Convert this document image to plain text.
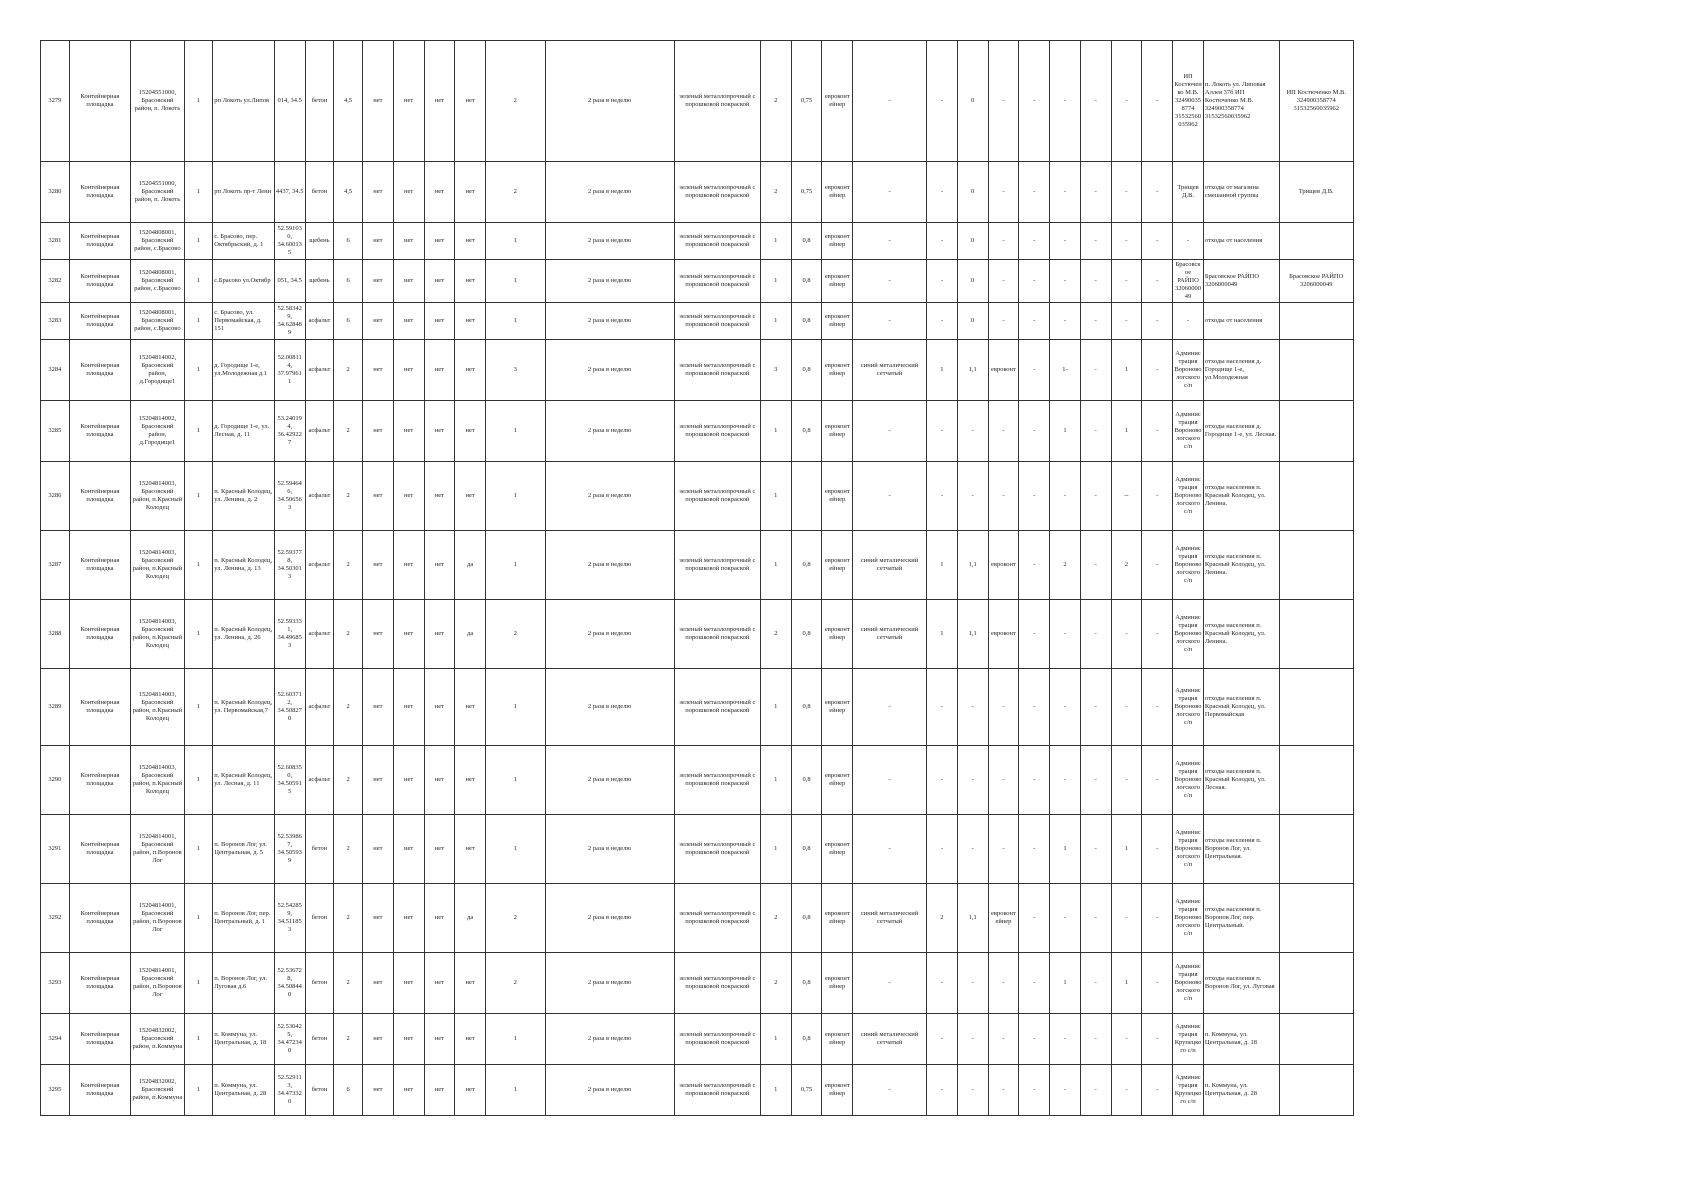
3279	Контейнерная площадка	15204551000, Брасовский район, п. Локоть	1	рп Локоть ул.Липов	014, 34.5	бетон	4,5	нет	нет	нет	нет	2	2 раза в неделю	зеленый металлопрочный с порошковой покраской	2	0,75	евроконт ейнер	-	-	0	-	-	-	-	-	-	ИП Костюченко М.В. 324900358774 31532560035962	п. Локоть ул. Липовая Аллея 37б ИП Костюченко М.В. 324900358774 31532560035962	ИП Костюченко М.В. 324900358774 31532560035962
3280	Контейнерная площадка	15204551000, Брасовский район, п. Локоть	1	рп Локоть пр-т Лени	4437, 34.5	бетон	4,5	нет	нет	нет	нет	2	2 раза в неделю	зеленый металлопрочный с порошковой покраской	2	0,75	евроконт ейнер	-	-	0	-	-	-	-	-	-	Трищев Д.В.	отходы от магазина смешанной группы	Трищев Д.В.
3281	Контейнерная площадка	15204808001, Брасовский район, с.Брасово	1	с. Брасово, пер. Октябрьский, д. 1	52.59103 0, 34.60013 5	щебень	6	нет	нет	нет	нет	1	2 раза в неделю	зеленый металлопрочный с порошковой покраской	1	0,8	евроконт ейнер	-	-	0	-	-	-	-	-	-	-	отходы от населения	
3282	Контейнерная площадка	15204808001, Брасовский район, с.Брасово	1	с.Брасово ул.Октябр	051, 34.5	щебень	6	нет	нет	нет	нет	1	2 раза в неделю	зеленый металлопрочный с порошковой покраской	1	0,8	евроконт ейнер	-	-	0	-	-	-	-	-	-	Брасовское РАЙПО 3206000049	Брасовское РАЙПО 3206000049	Брасовское РАЙПО 3206000049
3283	Контейнерная площадка	15204808001, Брасовский район, с.Брасово	1	с. Брасово, ул. Первомайская, д. 151	52.58342 9, 34.62848 9	асфальт	6	нет	нет	нет	нет	1	2 раза в неделю	зеленый металлопрочный с порошковой покраской	1	0,8	евроконт ейнер	-	-	0	-	-	-	-	-	-	-	отходы от населения	
3284	Контейнерная площадка	15204814002, Брасовский район, д.Городище1	1	д. Городище 1-е, ул.Молодежная д.1	52.00811 4, 37.97961 1	асфальт	2	нет	нет	нет	нет	3	2 раза в неделю	зеленый металлопрочный с порошковой покраской	3	0,8	евроконт ейнер	синий металический сетчатый	1	1,1	евроконт	-	1-	-	1	-	Администрация Вороновологского с/п	отходы населения д. Городище 1-е, ул.Молодежная	
3285	Контейнерная площадка	15204814002, Брасовский район, д.Городище1	1	д. Городище 1-е, ул. Лесная, д. 11	53.24019 4, 36.42922 7	асфальт	2	нет	нет	нет	нет	1	2 раза в неделю	зеленый металлопрочный с порошковой покраской	1	0,8	евроконт ейнер	-	-	-	-	-	1	-	1	-	Администрация Вороновологского с/п	отходы населения д. Городище 1-е, ул. Лесная.	
3286	Контейнерная площадка	15204814003, Брасовский район, п.Красный Колодец	1	п. Красный Колодец, ул. Ленина, д. 2	52.59464 6, 34.50656 3	асфальт	2	нет	нет	нет	нет	1	2 раза в неделю	зеленый металлопрочный с порошковой покраской	1		евроконт ейнер	-	-	-	-	-	-	-	--	-	Администрация Вороновологского с/п	отходы населения п. Красный Колодец, ул. Ленина.	
3287	Контейнерная площадка	15204814003, Брасовский район, п.Красный Колодец	1	п. Красный Колодец, ул. Ленина, д. 13	52.59377 8, 34.50301 3	асфальт	2	нет	нет	нет	да	1	2 раза в неделю	зеленый металлопрочный с порошковой покраской	1	0,8	евроконт ейнер	синий металический сетчатый	1	1,1	евроконт	-	2	-	2	-	Администрация Вороновологского с/п	отходы населения п. Красный Колодец, ул. Ленина.	
3288	Контейнерная площадка	15204814003, Брасовский район, п.Красный Колодец	1	п. Красный Колодец, ул. Ленина, д. 26	52.59333 1, 34.49685 3	асфальт	2	нет	нет	нет	да	2	2 раза в неделю	зеленый металлопрочный с порошковой покраской	2	0,8	евроконт ейнер	синий металический сетчатый	1	1,1	евроконт	-	-	-	-	-	Администрация Вороновологского с/п	отходы населения п. Красный Колодец, ул. Ленина.	
3289	Контейнерная площадка	15204814003, Брасовский район, п.Красный Колодец	1	п. Красный Колодец, ул. Первомайская,7	52.60371 2, 34.50827 0	асфальт	2	нет	нет	нет	нет	1	2 раза в неделю	зеленый металлопрочный с порошковой покраской	1	0,8	евроконт ейнер	-	-	-	-	-	-	-	-	-	Администрация Вороновологского с/п	отходы населения п. Красный Колодец, ул. Первомайская	
3290	Контейнерная площадка	15204814003, Брасовский район, п.Красный Колодец	1	п. Красный Колодец, ул. Лесная, д. 11	52.60835 0, 34.50591 5	асфальт	2	нет	нет	нет	нет	1	2 раза в неделю	зеленый металлопрочный с порошковой покраской	1	0,8	евроконт ейнер	-	-	-	-	-	-	-	-	-	Администрация Вороновологского с/п	отходы населения п. Красный Колодец, ул. Лесная.	
3291	Контейнерная площадка	15204814001, Брасовский район, п.Воронов Лог	1	п. Воронов Лог, ул. Центральная, д. 5	52.53986 7, 34.50593 9	бетон	2	нет	нет	нет	нет	1	2 раза в неделю	зеленый металлопрочный с порошковой покраской	1	0,8	евроконт ейнер	-	-	-	-	-	1	-	1	-	Администрация Вороновологского с/п	отходы населения п. Воронов Лог, ул. Центральная.	
3292	Контейнерная площадка	15204814001, Брасовский район, п.Воронов Лог	1	п. Воронов Лог, пер. Центральный, д. 1	52.54285 9, 34.51185 3	бетон	2	нет	нет	нет	да	2	2 раза в неделю	зеленый металлопрочный с порошковой покраской	2	0,8	евроконт ейнер	синий металический сетчатый	2	1,1	евроконт ейнер	-	-	-	-	-	Администрация Вороновологского с/п	отходы населения п. Воронов Лог, пер. Центральный.	
3293	Контейнерная площадка	15204814001, Брасовский район, п.Воронов Лог	1	п. Воронов Лог, ул. Луговая д.6	52.53672 8, 34.50844 0	бетон	2	нет	нет	нет	нет	2	2 раза в неделю	зеленый металлопрочный с порошковой покраской	2	0,8	евроконт ейнер	-	-	-	-	-	1	-	1	-	Администрация Вороновологского с/п	отходы населения п. Воронов Лог, ул. Луговая	
3294	Контейнерная площадка	15204832002, Брасовский район, п.Коммуна	1	п. Коммуна, ул. Центральная, д. 18	52.53042 5, 34.47234 0	бетон	2	нет	нет	нет	нет	1	2 раза в неделю	зеленый металлопрочный с порошковой покраской	1	0,8	евроконт ейнер	синий металический сетчатый	-	-	-	-	-	-	-	-	Администрация Крупецкого с/п	п. Коммуна, ул. Центральная, д. 18	
3295	Контейнерная площадка	15204832002, Брасовский район, п.Коммуна	1	п. Коммуна, ул. Центральная, д. 28	52.52911 3, 34.47332 0	бетон	6	нет	нет	нет	нет	1	2 раза в неделю	зеленый металлопрочный с порошковой покраской	1	0,75	евроконт ейнер	-	-	-	-	-	-	-	-	-	Администрация Крупецкого с/п	п. Коммуна, ул. Центральная, д. 28	
